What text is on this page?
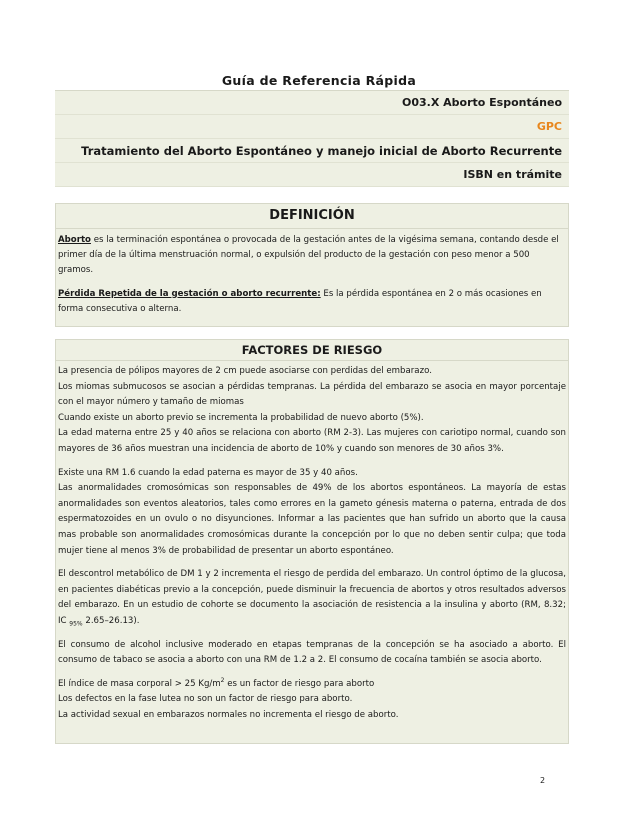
Guía de Referencia Rápida
O03.X Aborto Espontáneo
GPC
Tratamiento del Aborto Espontáneo y manejo inicial de Aborto Recurrente
ISBN en trámite
DEFINICIÓN

Aborto es la terminación espontánea o provocada de la gestación antes de la vigésima semana, contando desde el primer día de la última menstruación normal, o expulsión del producto de la gestación con peso menor a 500 gramos.

Pérdida Repetida de la gestación o aborto recurrente: Es la pérdida espontánea en 2 o más ocasiones en forma consecutiva o alterna.

FACTORES DE RIESGO

La presencia de pólipos mayores de 2 cm puede asociarse con perdidas del embarazo.

Los miomas submucosos se asocian a pérdidas tempranas. La pérdida del embarazo se asocia en mayor porcentaje con el mayor número y tamaño de miomas

Cuando existe un aborto previo se incrementa la probabilidad de nuevo aborto (5%).

La edad materna entre 25 y 40 años se relaciona con aborto (RM 2-3). Las mujeres con cariotipo normal, cuando son mayores de 36 años muestran una incidencia de aborto de 10% y cuando son menores de 30 años 3%.

Existe una RM 1.6 cuando la edad paterna es mayor de 35 y 40 años.

Las anormalidades cromosómicas son responsables de 49% de los abortos espontáneos. La mayoría de estas anormalidades son eventos aleatorios, tales como errores en la gameto génesis materna o paterna, entrada de dos espermatozoides en un ovulo o no disyunciones. Informar a las pacientes que han sufrido un aborto que la causa mas probable son anormalidades cromosómicas durante la concepción por lo que no deben sentir culpa; que toda mujer tiene al menos 3% de probabilidad de presentar un aborto espontáneo.

El descontrol metabólico de DM 1 y 2 incrementa el riesgo de perdida del embarazo. Un control óptimo de la glucosa, en pacientes diabéticas previo a la concepción, puede disminuir la frecuencia de abortos y otros resultados adversos del embarazo. En un estudio de cohorte se documento la asociación de resistencia a la insulina y aborto (RM, 8.32; IC $_{95\%}$ 2.65–26.13).

El consumo de alcohol inclusive moderado en etapas tempranas de la concepción se ha asociado a aborto. El consumo de tabaco se asocia a aborto con una RM de 1.2 a 2. El consumo de cocaína también se asocia aborto.

El índice de masa corporal > 25 $Kg/m^2$ es un factor de riesgo para aborto

Los defectos en la fase lutea no son un factor de riesgo para aborto.

La actividad sexual en embarazos normales no incrementa el riesgo de aborto.

2
